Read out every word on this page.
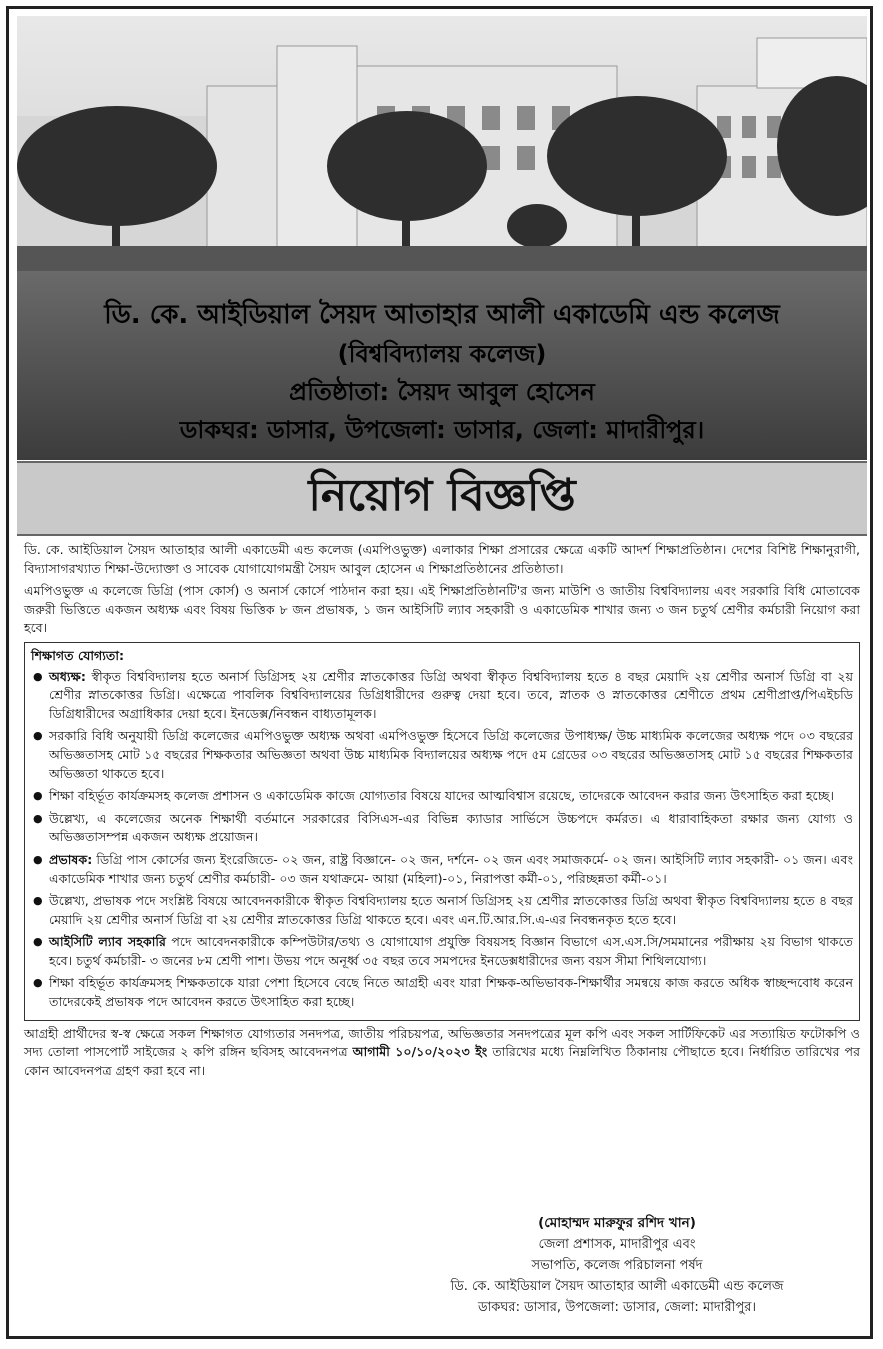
ডি. কে. আইডিয়াল সৈয়দ আতাহার আলী একাডেমি এন্ড কলেজ
(বিশ্ববিদ্যালয় কলেজ)
প্রতিষ্ঠাতা: সৈয়দ আবুল হোসেন
ডাকঘর: ডাসার, উপজেলা: ডাসার, জেলা: মাদারীপুর।
নিয়োগ বিজ্ঞপ্তি

ডি. কে. আইডিয়াল সৈয়দ আতাহার আলী একাডেমী এন্ড কলেজ (এমপিওভুক্ত) এলাকার শিক্ষা প্রসারের ক্ষেত্রে একটি আদর্শ শিক্ষাপ্রতিষ্ঠান। দেশের বিশিষ্ট শিক্ষানুরাগী, বিদ্যাসাগরখ্যাত শিক্ষা-উদ্যোক্তা ও সাবেক যোগাযোগমন্ত্রী সৈয়দ আবুল হোসেন এ শিক্ষাপ্রতিষ্ঠানের প্রতিষ্ঠাতা।

এমপিওভুক্ত এ কলেজে ডিগ্রি (পাস কোর্স) ও অনার্স কোর্সে পাঠদান করা হয়। এই শিক্ষাপ্রতিষ্ঠানটি'র জন্য মাউশি ও জাতীয় বিশ্ববিদ্যালয় এবং সরকারি বিধি মোতাবেক জরুরী ভিত্তিতে একজন অধ্যক্ষ এবং বিষয় ভিত্তিক ৮ জন প্রভাষক, ১ জন আইসিটি ল্যাব সহকারী ও একাডেমিক শাখার জন্য ৩ জন চতুর্থ শ্রেণীর কর্মচারী নিয়োগ করা হবে।

শিক্ষাগত যোগ্যতা:
● অধ্যক্ষ: স্বীকৃত বিশ্ববিদ্যালয় হতে অনার্স ডিগ্রিসহ ২য় শ্রেণীর স্নাতকোত্তর ডিগ্রি অথবা স্বীকৃত বিশ্ববিদ্যালয় হতে ৪ বছর মেয়াদি ২য় শ্রেণীর অনার্স ডিগ্রি বা ২য় শ্রেণীর স্নাতকোত্তর ডিগ্রি। এক্ষেত্রে পাবলিক বিশ্ববিদ্যালয়ের ডিগ্রিধারীদের গুরুত্ব দেয়া হবে। তবে, স্নাতক ও স্নাতকোত্তর শ্রেণীতে প্রথম শ্রেণীপ্রাপ্ত/পিএইচডি ডিগ্রিধারীদের অগ্রাধিকার দেয়া হবে। ইনডেক্স/নিবন্ধন বাধ্যতামূলক।
● সরকারি বিধি অনুযায়ী ডিগ্রি কলেজের এমপিওভুক্ত অধ্যক্ষ অথবা এমপিওভুক্ত হিসেবে ডিগ্রি কলেজের উপাধ্যক্ষ/ উচ্চ মাধ্যমিক কলেজের অধ্যক্ষ পদে ০৩ বছরের অভিজ্ঞতাসহ মোট ১৫ বছরের শিক্ষকতার অভিজ্ঞতা অথবা উচ্চ মাধ্যমিক বিদ্যালয়ের অধ্যক্ষ পদে ৫ম গ্রেডের ০৩ বছরের অভিজ্ঞতাসহ মোট ১৫ বছরের শিক্ষকতার অভিজ্ঞতা থাকতে হবে।
● শিক্ষা বহির্ভূত কার্যক্রমসহ কলেজ প্রশাসন ও একাডেমিক কাজে যোগ্যতার বিষয়ে যাদের আত্মবিশ্বাস রয়েছে, তাদেরকে আবেদন করার জন্য উৎসাহিত করা হচ্ছে।
● উল্লেখ্য, এ কলেজের অনেক শিক্ষার্থী বর্তমানে সরকারের বিসিএস-এর বিভিন্ন ক্যাডার সার্ভিসে উচ্চপদে কর্মরত। এ ধারাবাহিকতা রক্ষার জন্য যোগ্য ও অভিজ্ঞতাসম্পন্ন একজন অধ্যক্ষ প্রয়োজন।
● প্রভাষক: ডিগ্রি পাস কোর্সের জন্য ইংরেজিতে- ০২ জন, রাষ্ট্র বিজ্ঞানে- ০২ জন, দর্শনে- ০২ জন এবং সমাজকর্মে- ০২ জন। আইসিটি ল্যাব সহকারী- ০১ জন। এবং একাডেমিক শাখার জন্য চতুর্থ শ্রেণীর কর্মচারী- ০৩ জন যথাক্রমে- আয়া (মহিলা)-০১, নিরাপত্তা কর্মী-০১, পরিচ্ছন্নতা কর্মী-০১।
● উল্লেখ্য, প্রভাষক পদে সংশ্লিষ্ট বিষয়ে আবেদনকারীকে স্বীকৃত বিশ্ববিদ্যালয় হতে অনার্স ডিগ্রিসহ ২য় শ্রেণীর স্নাতকোত্তর ডিগ্রি অথবা স্বীকৃত বিশ্ববিদ্যালয় হতে ৪ বছর মেয়াদি ২য় শ্রেণীর অনার্স ডিগ্রি বা ২য় শ্রেণীর স্নাতকোত্তর ডিগ্রি থাকতে হবে। এবং এন.টি.আর.সি.এ-এর নিবন্ধনকৃত হতে হবে।
● আইসিটি ল্যাব সহকারি পদে আবেদনকারীকে কম্পিউটার/তথ্য ও যোগাযোগ প্রযুক্তি বিষয়সহ বিজ্ঞান বিভাগে এস.এস.সি/সমমানের পরীক্ষায় ২য় বিভাগ থাকতে হবে। চতুর্থ কর্মচারী- ৩ জনের ৮ম শ্রেণী পাশ। উভয় পদে অনূর্ধ্ব ৩৫ বছর তবে সমপদের ইনডেক্সধারীদের জন্য বয়স সীমা শিথিলযোগ্য।
● শিক্ষা বহির্ভূত কার্যক্রমসহ শিক্ষকতাকে যারা পেশা হিসেবে বেছে নিতে আগ্রহী এবং যারা শিক্ষক-অভিভাবক-শিক্ষার্থীর সমন্বয়ে কাজ করতে অধিক স্বাচ্ছন্দবোধ করেন তাদেরকেই প্রভাষক পদে আবেদন করতে উৎসাহিত করা হচ্ছে।

আগ্রহী প্রার্থীদের স্ব-স্ব ক্ষেত্রে সকল শিক্ষাগত যোগ্যতার সনদপত্র, জাতীয় পরিচয়পত্র, অভিজ্ঞতার সনদপত্রের মূল কপি এবং সকল সার্টিফিকেট এর সত্যায়িত ফটোকপি ও সদ্য তোলা পাসপোর্ট সাইজের ২ কপি রঙ্গিন ছবিসহ আবেদনপত্র আগামী ১০/১০/২০২৩ ইং তারিখের মধ্যে নিম্নলিখিত ঠিকানায় পৌছাতে হবে। নির্ধারিত তারিখের পর কোন আবেদনপত্র গ্রহণ করা হবে না।

(মোহাম্মদ মারুফুর রশিদ খান)
জেলা প্রশাসক, মাদারীপুর এবং
সভাপতি, কলেজ পরিচালনা পর্ষদ
ডি. কে. আইডিয়াল সৈয়দ আতাহার আলী একাডেমী এন্ড কলেজ
ডাকঘর: ডাসার, উপজেলা: ডাসার, জেলা: মাদারীপুর।
